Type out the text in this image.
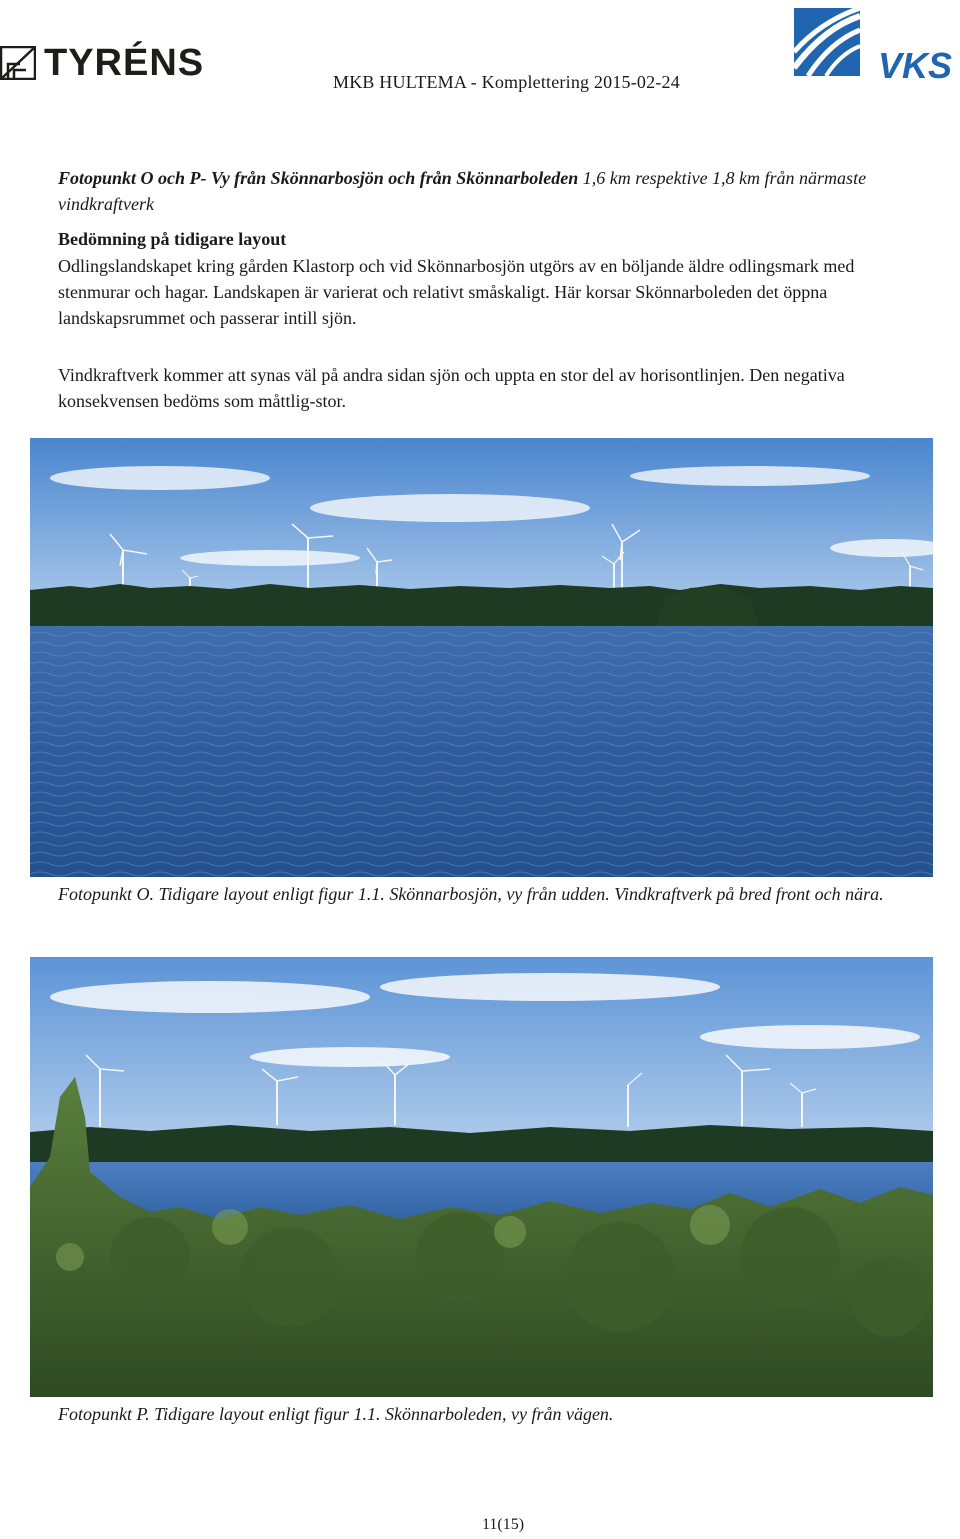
TYRÉNS	VKS
MKB HULTEMA - Komplettering 2015-02-24
Fotopunkt O och P- Vy från Skönnarbosjön och från Skönnarboleden 1,6 km respektive 1,8 km från närmaste vindkraftverk
Bedömning på tidigare layout
Odlingslandskapet kring gården Klastorp och vid Skönnarbosjön utgörs av en böljande äldre odlingsmark med stenmurar och hagar. Landskapen är varierat och relativt småskaligt. Här korsar Skönnarboleden det öppna landskapsrummet och passerar intill sjön.
Vindkraftverk kommer att synas väl på andra sidan sjön och uppta en stor del av horisontlinjen. Den negativa konsekvensen bedöms som måttlig-stor.
Fotopunkt O. Tidigare layout enligt figur 1.1. Skönnarbosjön, vy från udden. Vindkraftverk på bred front och nära.
Fotopunkt P. Tidigare layout enligt figur 1.1. Skönnarboleden, vy från vägen.
11(15)
